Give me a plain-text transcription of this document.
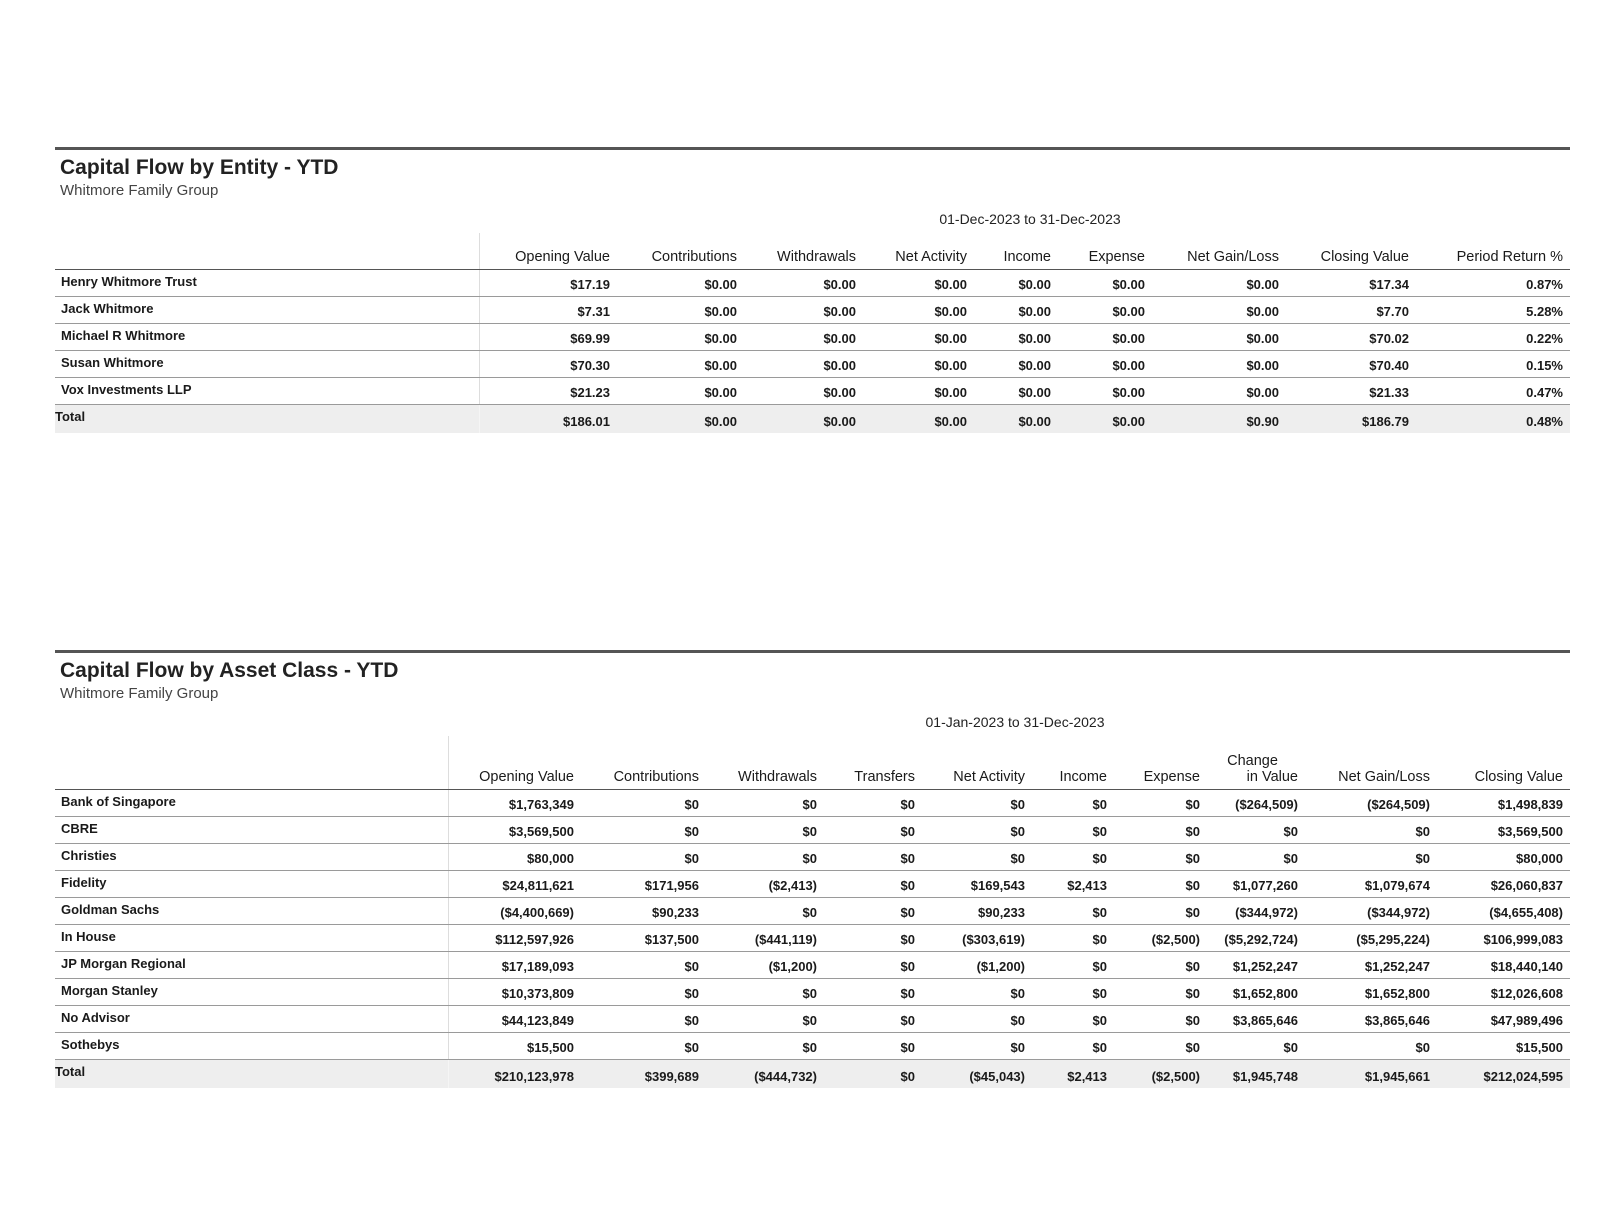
Capital Flow by Entity - YTD
Whitmore Family Group
01-Dec-2023 to 31-Dec-2023
	Opening Value	Contributions	Withdrawals	Net Activity	Income	Expense	Net Gain/Loss	Closing Value	Period Return %
Henry Whitmore Trust	$17.19	$0.00	$0.00	$0.00	$0.00	$0.00	$0.00	$17.34	0.87%
Jack Whitmore	$7.31	$0.00	$0.00	$0.00	$0.00	$0.00	$0.00	$7.70	5.28%
Michael R Whitmore	$69.99	$0.00	$0.00	$0.00	$0.00	$0.00	$0.00	$70.02	0.22%
Susan Whitmore	$70.30	$0.00	$0.00	$0.00	$0.00	$0.00	$0.00	$70.40	0.15%
Vox Investments LLP	$21.23	$0.00	$0.00	$0.00	$0.00	$0.00	$0.00	$21.33	0.47%
Total	$186.01	$0.00	$0.00	$0.00	$0.00	$0.00	$0.90	$186.79	0.48%
Capital Flow by Asset Class - YTD
Whitmore Family Group
01-Jan-2023 to 31-Dec-2023
	Opening Value	Contributions	Withdrawals	Transfers	Net Activity	Income	Expense	Change
in Value	Net Gain/Loss	Closing Value
Bank of Singapore	$1,763,349	$0	$0	$0	$0	$0	$0	($264,509)	($264,509)	$1,498,839
CBRE	$3,569,500	$0	$0	$0	$0	$0	$0	$0	$0	$3,569,500
Christies	$80,000	$0	$0	$0	$0	$0	$0	$0	$0	$80,000
Fidelity	$24,811,621	$171,956	($2,413)	$0	$169,543	$2,413	$0	$1,077,260	$1,079,674	$26,060,837
Goldman Sachs	($4,400,669)	$90,233	$0	$0	$90,233	$0	$0	($344,972)	($344,972)	($4,655,408)
In House	$112,597,926	$137,500	($441,119)	$0	($303,619)	$0	($2,500)	($5,292,724)	($5,295,224)	$106,999,083
JP Morgan Regional	$17,189,093	$0	($1,200)	$0	($1,200)	$0	$0	$1,252,247	$1,252,247	$18,440,140
Morgan Stanley	$10,373,809	$0	$0	$0	$0	$0	$0	$1,652,800	$1,652,800	$12,026,608
No Advisor	$44,123,849	$0	$0	$0	$0	$0	$0	$3,865,646	$3,865,646	$47,989,496
Sothebys	$15,500	$0	$0	$0	$0	$0	$0	$0	$0	$15,500
Total	$210,123,978	$399,689	($444,732)	$0	($45,043)	$2,413	($2,500)	$1,945,748	$1,945,661	$212,024,595
